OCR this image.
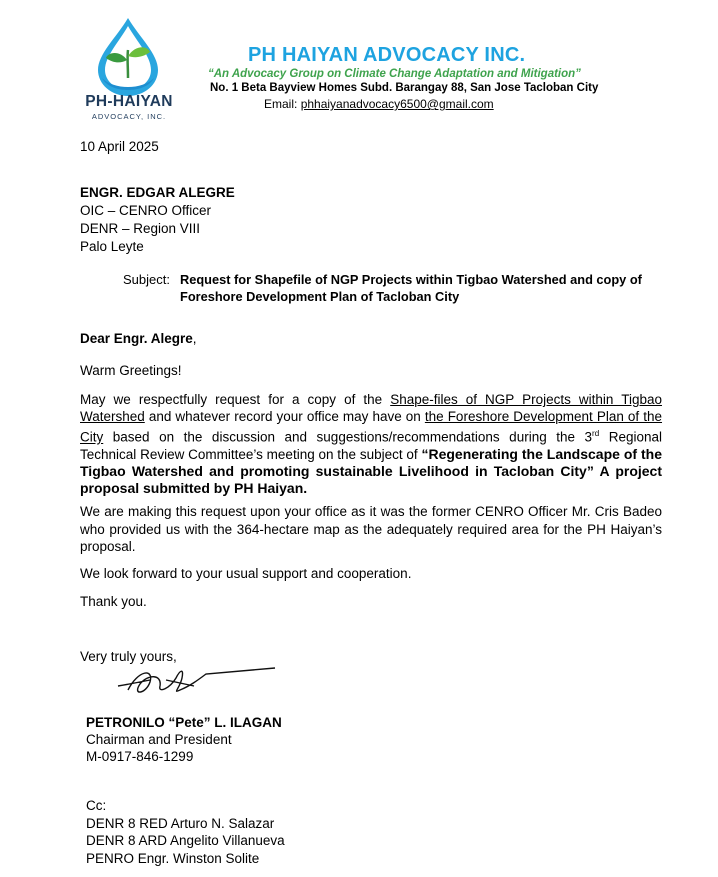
PH-HAIYAN
ADVOCACY, INC.
PH HAIYAN ADVOCACY INC.
“An Advocacy Group on Climate Change Adaptation and Mitigation”
No. 1 Beta Bayview Homes Subd. Barangay 88, San Jose Tacloban City
Email: phhaiyanadvocacy6500@gmail.com
10 April 2025
ENGR. EDGAR ALEGRE
OIC – CENRO Officer
DENR – Region VIII
Palo Leyte
Subject: Request for Shapefile of NGP Projects within Tigbao Watershed and copy of
Foreshore Development Plan of Tacloban City
Dear Engr. Alegre,
Warm Greetings!
May we respectfully request for a copy of the Shape-files of NGP Projects within Tigbao Watershed and whatever record your office may have on the Foreshore Development Plan of the City based on the discussion and suggestions/recommendations during the 3rd Regional Technical Review Committee’s meeting on the subject of “Regenerating the Landscape of the Tigbao Watershed and promoting sustainable Livelihood in Tacloban City” A project proposal submitted by PH Haiyan.
We are making this request upon your office as it was the former CENRO Officer Mr. Cris Badeo who provided us with the 364-hectare map as the adequately required area for the PH Haiyan’s proposal.
We look forward to your usual support and cooperation.
Thank you.
Very truly yours,
PETRONILO “Pete” L. ILAGAN
Chairman and President
M-0917-846-1299
Cc:
DENR 8 RED Arturo N. Salazar
DENR 8 ARD Angelito Villanueva
PENRO Engr. Winston Solite
